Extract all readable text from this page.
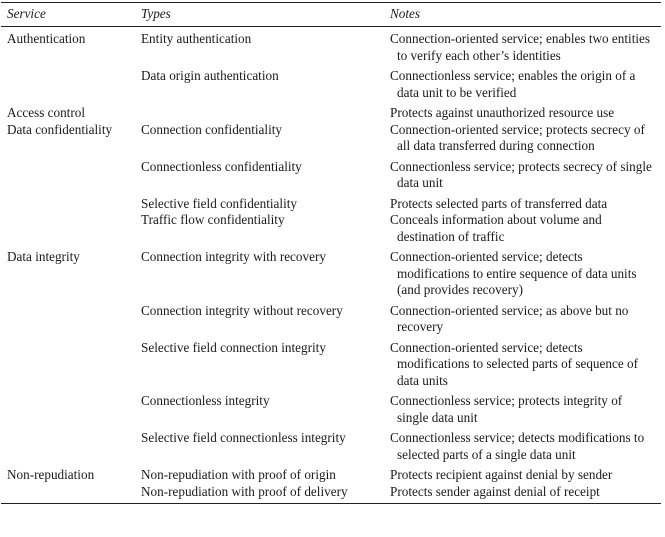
Service	Types	Notes
Authentication	Entity authentication	Connection-oriented service; enables two entities to verify each other’s identities

	Data origin authentication	Connectionless service; enables the origin of a data unit to be verified

Access control		Protects against unauthorized resource use

Data confidentiality	Connection confidentiality	Connection-oriented service; protects secrecy of all data transferred during connection

	Connectionless confidentiality	Connectionless service; protects secrecy of single data unit

	Selective field confidentiality	Protects selected parts of transferred data

	Traffic flow confidentiality	Conceals information about volume and destination of traffic

Data integrity	Connection integrity with recovery	Connection-oriented service; detects modifications to entire sequence of data units (and provides recovery)

	Connection integrity without recovery	Connection-oriented service; as above but no recovery

	Selective field connection integrity	Connection-oriented service; detects modifications to selected parts of sequence of data units

	Connectionless integrity	Connectionless service; protects integrity of single data unit

	Selective field connectionless integrity	Connectionless service; detects modifications to selected parts of a single data unit

Non-repudiation	Non-repudiation with proof of origin	Protects recipient against denial by sender

	Non-repudiation with proof of delivery	Protects sender against denial of receipt
